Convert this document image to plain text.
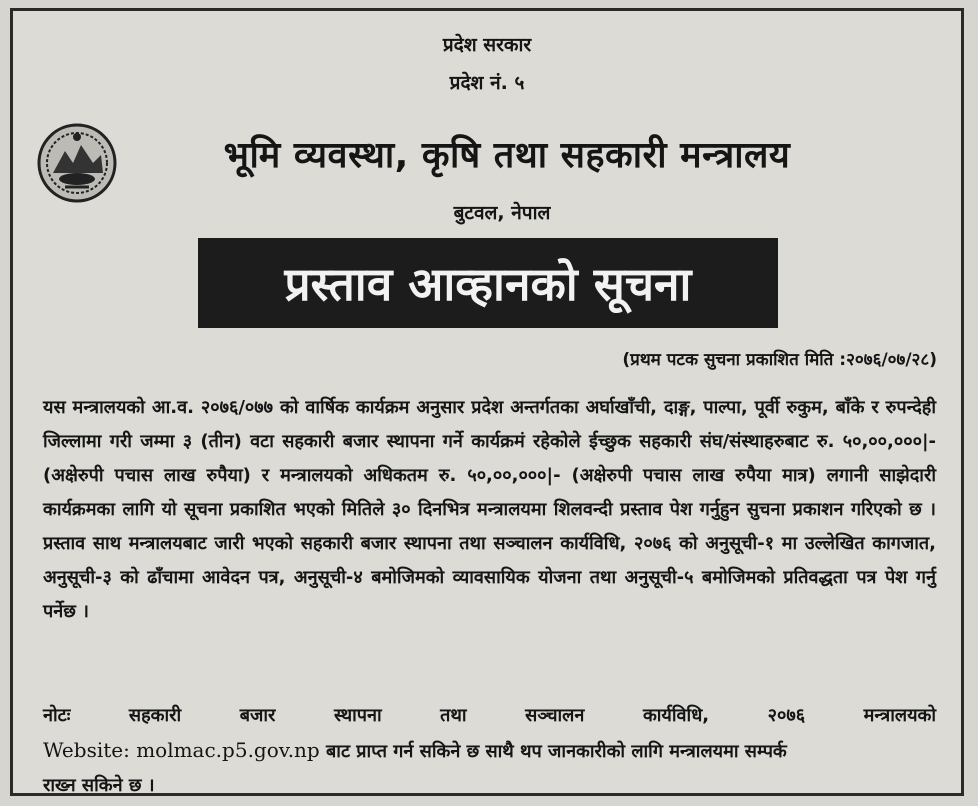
प्रदेश सरकार
प्रदेश नं. ५
भूमि व्यवस्था, कृषि तथा सहकारी मन्त्रालय
बुटवल, नेपाल
प्रस्ताव आव्हानको सूचना
(प्रथम पटक सुचना प्रकाशित मिति :२०७६/०७/२८)
यस मन्त्रालयको आ.व. २०७६/०७७ को वार्षिक कार्यक्रम अनुसार प्रदेश अन्तर्गतका अर्घाखाँची, दाङ्ग, पाल्पा, पूर्वी रुकुम, बाँके र रुपन्देही जिल्लामा गरी जम्मा ३ (तीन) वटा सहकारी बजार स्थापना गर्ने कार्यक्रमं रहेकोले ईच्छुक सहकारी संघ/संस्थाहरुबाट रु. ५०,००,०००|- (अक्षेरुपी पचास लाख रुपैया) र मन्त्रालयको अधिकतम रु. ५०,००,०००|- (अक्षेरुपी पचास लाख रुपैया मात्र) लगानी साझेदारी कार्यक्रमका लागि यो सूचना प्रकाशित भएको मितिले ३० दिनभित्र मन्त्रालयमा शिलवन्दी प्रस्ताव पेश गर्नुहुन सुचना प्रकाशन गरिएको छ । प्रस्ताव साथ मन्त्रालयबाट जारी भएको सहकारी बजार स्थापना तथा सञ्चालन कार्यविधि, २०७६ को अनुसूची-१ मा उल्लेखित कागजात, अनुसूची-३ को ढाँचामा आवेदन पत्र, अनुसूची-४ बमोजिमको व्यावसायिक योजना तथा अनुसूची-५ बमोजिमको प्रतिवद्धता पत्र पेश गर्नु पर्नेछ ।
नोटः	सहकारी	बजार	स्थापना	तथा	सञ्चालन	कार्यविधि,	२०७६	मन्त्रालयको
Website: molmac.p5.gov.np बाट प्राप्त गर्न सकिने छ साथै थप जानकारीको लागि मन्त्रालयमा सम्पर्क
राख्न सकिने छ ।
